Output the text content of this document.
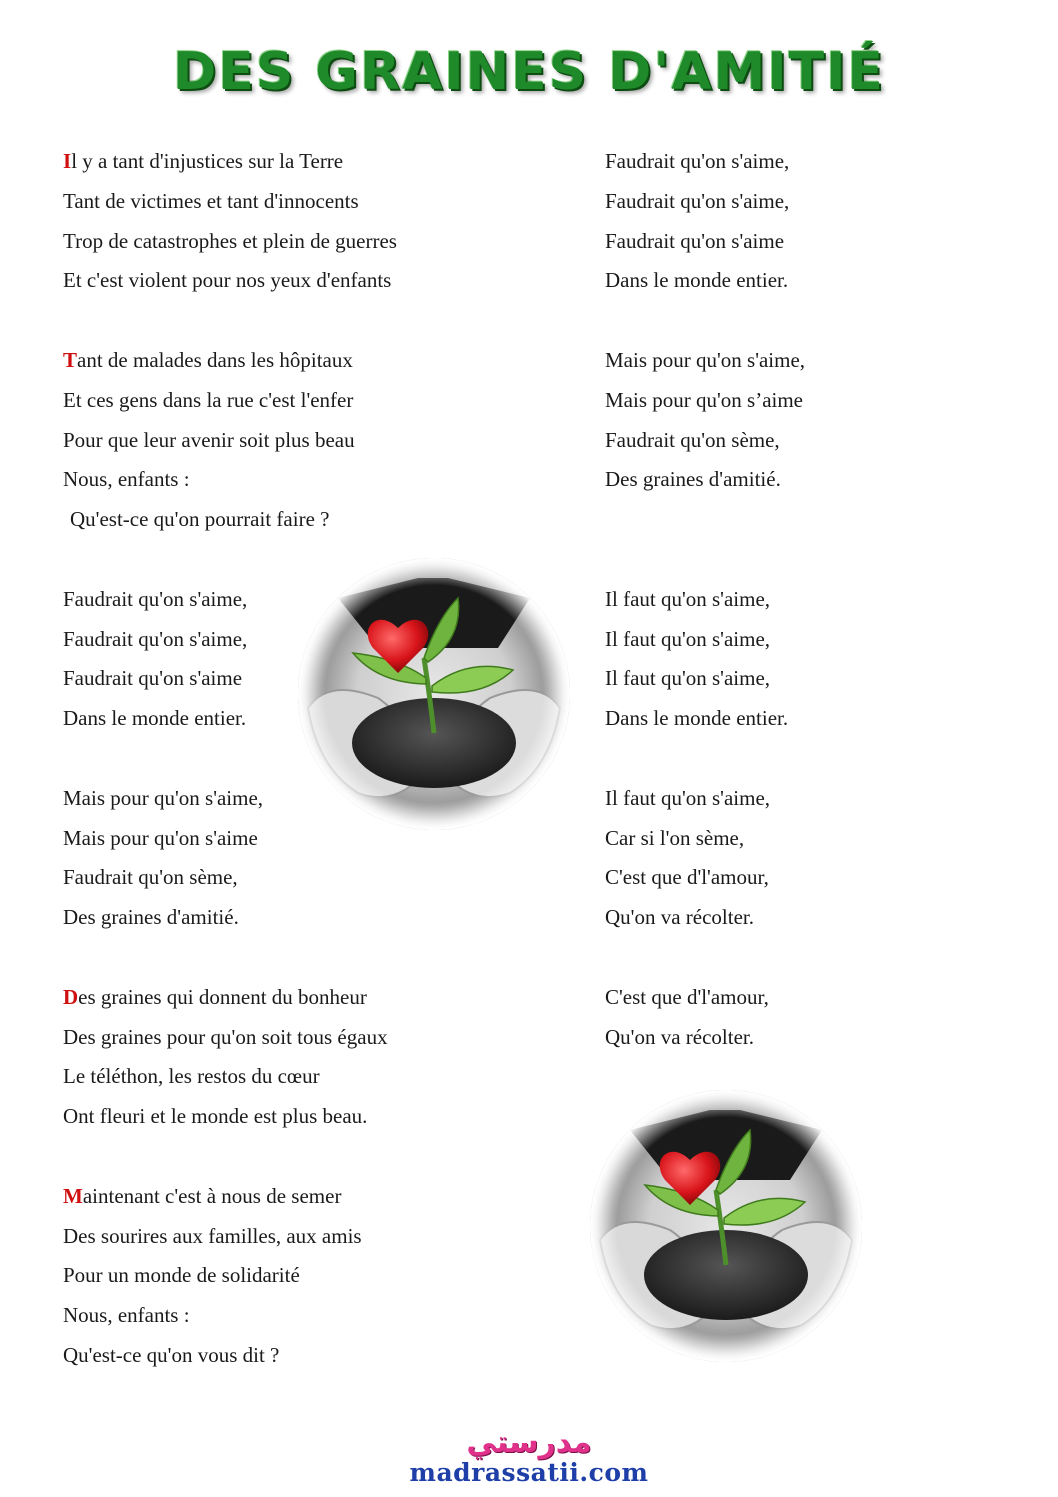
DES GRAINES D'AMITIÉ
Il y a tant d'injustices sur la Terre
Tant de victimes et tant d'innocents
Trop de catastrophes et plein de guerres
Et c'est violent pour nos yeux d'enfants
Tant de malades dans les hôpitaux
Et ces gens dans la rue c'est l'enfer
Pour que leur avenir soit plus beau
Nous, enfants :
Qu'est-ce qu'on pourrait faire ?
Faudrait qu'on s'aime,
Faudrait qu'on s'aime,
Faudrait qu'on s'aime
Dans le monde entier.
Mais pour qu'on s'aime,
Mais pour qu'on s'aime
Faudrait qu'on sème,
Des graines d'amitié.
Des graines qui donnent du bonheur
Des graines pour qu'on soit tous égaux
Le téléthon, les restos du cœur
Ont fleuri et le monde est plus beau.
Maintenant c'est à nous de semer
Des sourires aux familles, aux amis
Pour un monde de solidarité
Nous, enfants :
Qu'est-ce qu'on vous dit ?
Faudrait qu'on s'aime,
Faudrait qu'on s'aime,
Faudrait qu'on s'aime
Dans le monde entier.
Mais pour qu'on s'aime,
Mais pour qu'on s’aime
Faudrait qu'on sème,
Des graines d'amitié.
Il faut qu'on s'aime,
Il faut qu'on s'aime,
Il faut qu'on s'aime,
Dans le monde entier.
Il faut qu'on s'aime,
Car si l'on sème,
C'est que d'l'amour,
Qu'on va récolter.
C'est que d'l'amour,
Qu'on va récolter.
مدرستي
madrassatii.com
